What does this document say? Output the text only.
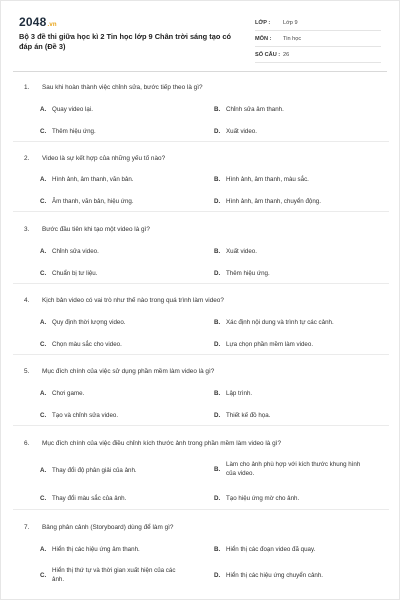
2048.vn
Bộ 3 đề thi giữa học kì 2 Tin học lớp 9 Chân trời sáng tạo có đáp án (Đề 3)
LỚP :	Lớp 9
MÔN :	Tin học
SỐ CÂU : 26
1. Sau khi hoàn thành việc chỉnh sửa, bước tiếp theo là gì?
A. Quay video lại.	B. Chỉnh sửa âm thanh.
C. Thêm hiệu ứng.	D. Xuất video.
2. Video là sự kết hợp của những yếu tố nào?
A. Hình ảnh, âm thanh, văn bản.	B. Hình ảnh, âm thanh, màu sắc.
C. Âm thanh, văn bản, hiệu ứng.	D. Hình ảnh, âm thanh, chuyển động.
3. Bước đầu tiên khi tạo một video là gì?
A. Chỉnh sửa video.	B. Xuất video.
C. Chuẩn bị tư liệu.	D. Thêm hiệu ứng.
4. Kịch bản video có vai trò như thế nào trong quá trình làm video?
A. Quy định thời lượng video.	B. Xác định nội dung và trình tự các cảnh.
C. Chọn màu sắc cho video.	D. Lựa chọn phần mềm làm video.
5. Mục đích chính của việc sử dụng phần mềm làm video là gì?
A. Chơi game.	B. Lập trình.
C. Tạo và chỉnh sửa video.	D. Thiết kế đồ họa.
6. Mục đích chính của việc điều chỉnh kích thước ảnh trong phần mềm làm video là gì?
A. Thay đổi độ phân giải của ảnh.	B.
Làm cho ảnh phù hợp với kích thước khung hình của video.
C. Thay đổi màu sắc của ảnh.	D. Tạo hiệu ứng mờ cho ảnh.
7. Bảng phân cảnh (Storyboard) dùng để làm gì?
A. Hiển thị các hiệu ứng âm thanh.	B. Hiển thị các đoạn video đã quay.
C.
Hiển thị thứ tự và thời gian xuất hiện của các ảnh.	D. Hiển thị các hiệu ứng chuyển cảnh.
